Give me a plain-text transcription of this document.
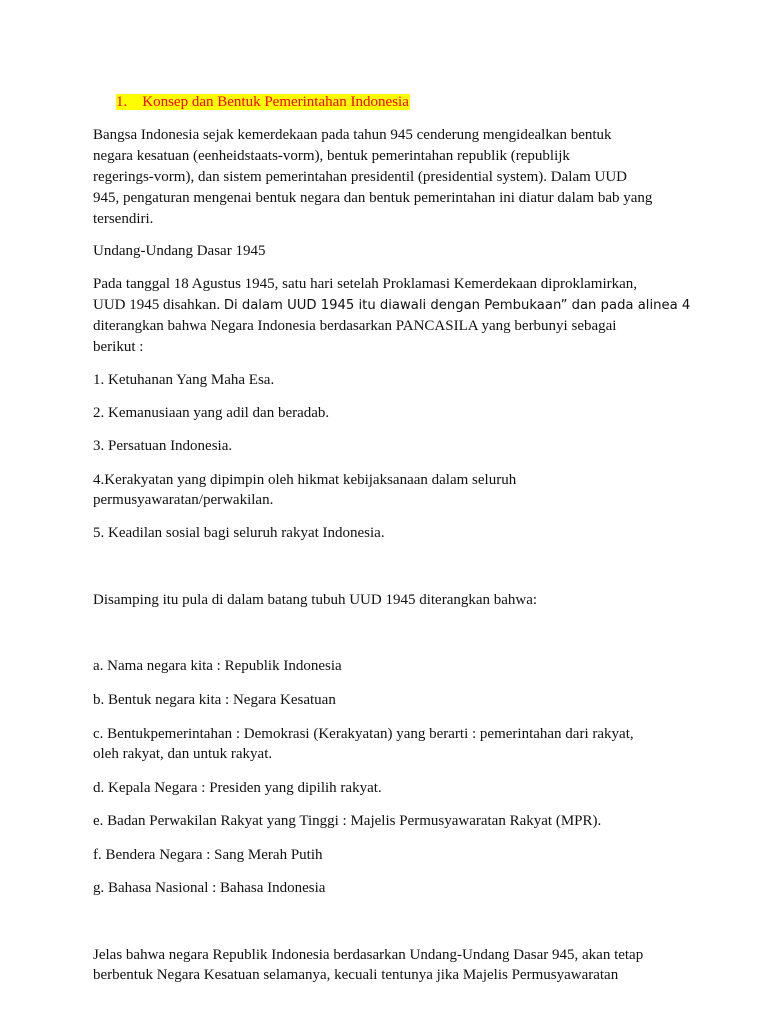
1. Konsep dan Bentuk Pemerintahan Indonesia
Bangsa Indonesia sejak kemerdekaan pada tahun 945 cenderung mengidealkan bentuk
negara kesatuan (eenheidstaats-vorm), bentuk pemerintahan republik (republijk
regerings-vorm), dan sistem pemerintahan presidentil (presidential system). Dalam UUD
945, pengaturan mengenai bentuk negara dan bentuk pemerintahan ini diatur dalam bab yang
tersendiri.
Undang-Undang Dasar 1945
Pada tanggal 18 Agustus 1945, satu hari setelah Proklamasi Kemerdekaan diproklamirkan,
UUD 1945 disahkan. Di dalam UUD 1945 itu diawali dengan Pembukaan” dan pada alinea 4
diterangkan bahwa Negara Indonesia berdasarkan PANCASILA yang berbunyi sebagai
berikut :
1. Ketuhanan Yang Maha Esa.
2. Kemanusiaan yang adil dan beradab.
3. Persatuan Indonesia.
4.Kerakyatan yang dipimpin oleh hikmat kebijaksanaan dalam seluruh
permusyawaratan/perwakilan.
5. Keadilan sosial bagi seluruh rakyat Indonesia.
Disamping itu pula di dalam batang tubuh UUD 1945 diterangkan bahwa:
a. Nama negara kita : Republik Indonesia
b. Bentuk negara kita : Negara Kesatuan
c. Bentukpemerintahan : Demokrasi (Kerakyatan) yang berarti : pemerintahan dari rakyat,
oleh rakyat, dan untuk rakyat.
d. Kepala Negara : Presiden yang dipilih rakyat.
e. Badan Perwakilan Rakyat yang Tinggi : Majelis Permusyawaratan Rakyat (MPR).
f. Bendera Negara : Sang Merah Putih
g. Bahasa Nasional : Bahasa Indonesia
Jelas bahwa negara Republik Indonesia berdasarkan Undang-Undang Dasar 945, akan tetap
berbentuk Negara Kesatuan selamanya, kecuali tentunya jika Majelis Permusyawaratan
